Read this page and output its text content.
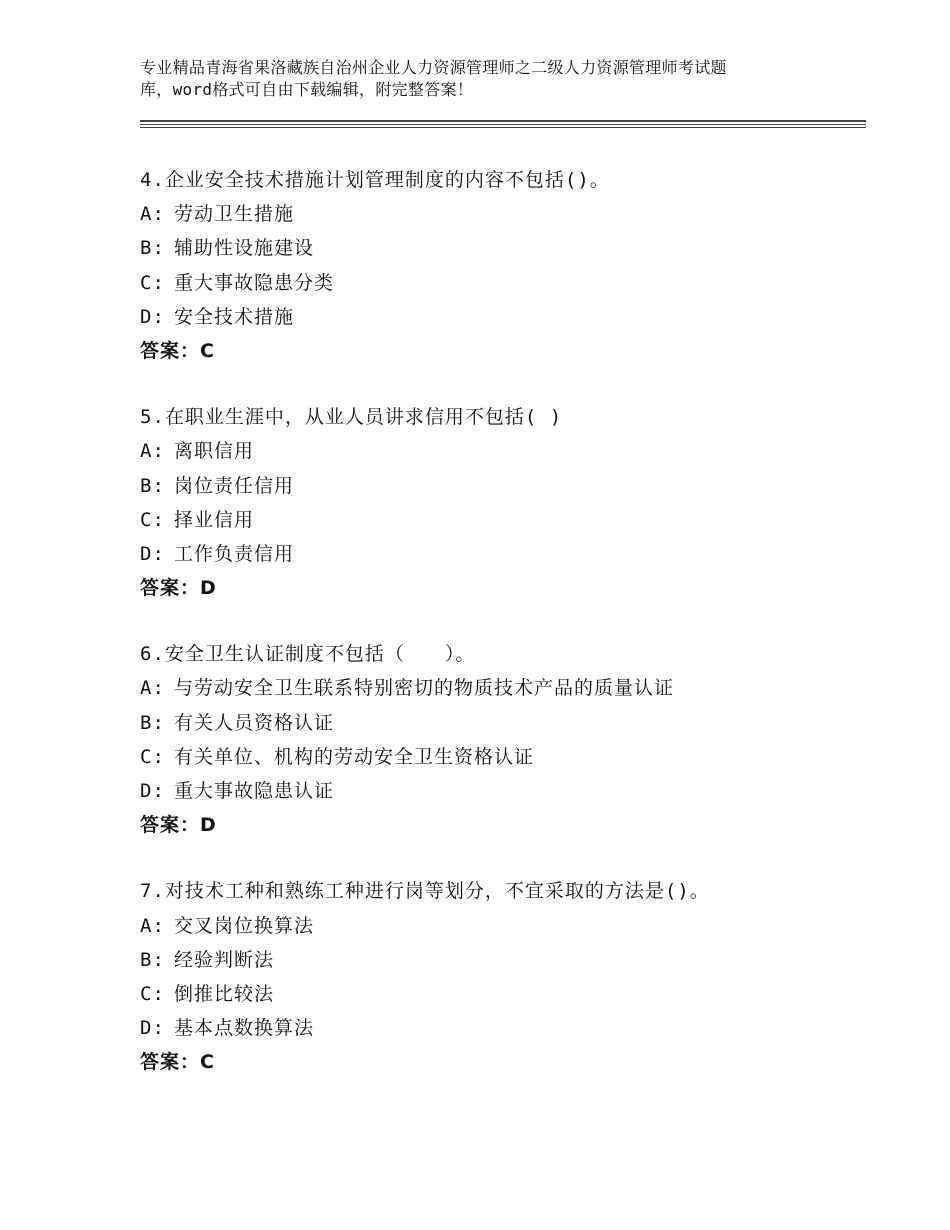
专业精品青海省果洛藏族自治州企业人力资源管理师之二级人力资源管理师考试题
库，word格式可自由下载编辑，附完整答案！
4.企业安全技术措施计划管理制度的内容不包括()。
A: 劳动卫生措施
B: 辅助性设施建设
C: 重大事故隐患分类
D: 安全技术措施
答案：C
5.在职业生涯中，从业人员讲求信用不包括( )
A: 离职信用
B: 岗位责任信用
C: 择业信用
D: 工作负责信用
答案：D
6.安全卫生认证制度不包括（　　）。
A: 与劳动安全卫生联系特别密切的物质技术产品的质量认证
B: 有关人员资格认证
C: 有关单位、机构的劳动安全卫生资格认证
D: 重大事故隐患认证
答案：D
7.对技术工种和熟练工种进行岗等划分，不宜采取的方法是()。
A: 交叉岗位换算法
B: 经验判断法
C: 倒推比较法
D: 基本点数换算法
答案：C
